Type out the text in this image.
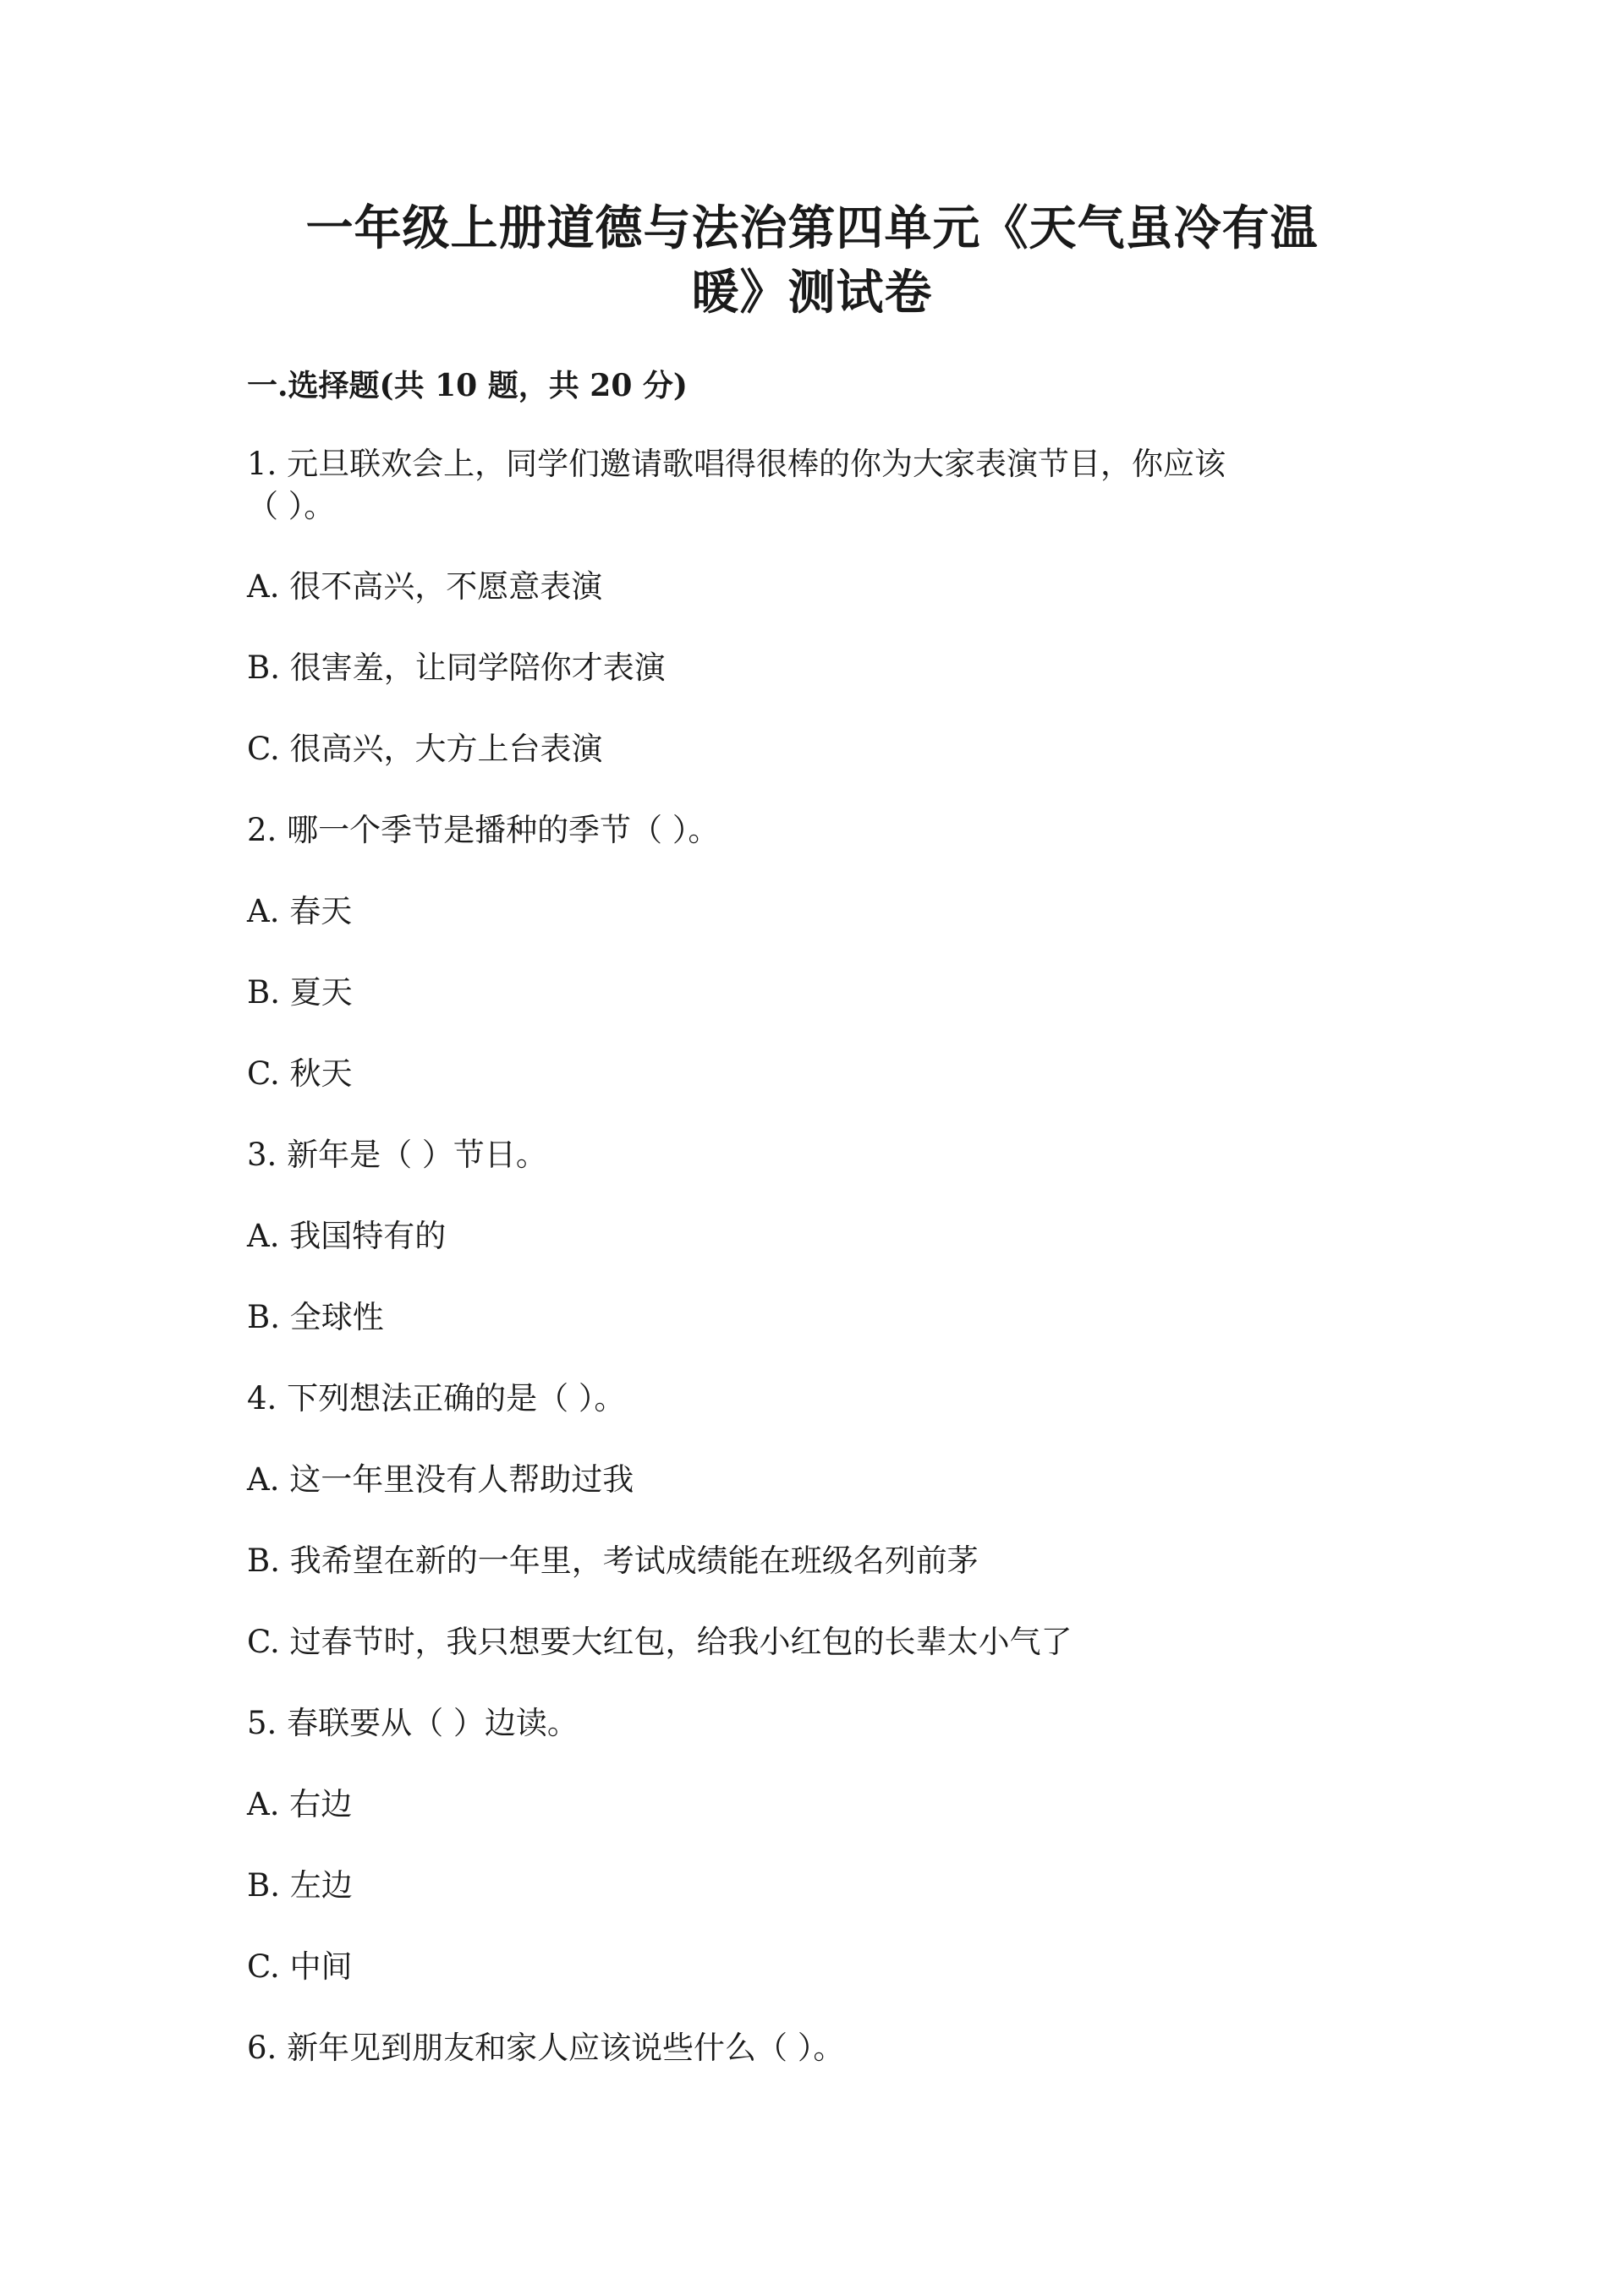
一年级上册道德与法治第四单元《天气虽冷有温
暖》测试卷
一.选择题(共 10 题，共 20 分)

1. 元旦联欢会上，同学们邀请歌唱得很棒的你为大家表演节目，你应该

（ ）。

A. 很不高兴，不愿意表演

B. 很害羞，让同学陪你才表演

C. 很高兴，大方上台表演

2. 哪一个季节是播种的季节（ ）。

A. 春天

B. 夏天

C. 秋天

3. 新年是（ ）节日。

A. 我国特有的

B. 全球性

4. 下列想法正确的是（ ）。

A. 这一年里没有人帮助过我

B. 我希望在新的一年里，考试成绩能在班级名列前茅

C. 过春节时，我只想要大红包，给我小红包的长辈太小气了

5. 春联要从（ ）边读。

A. 右边

B. 左边

C. 中间

6. 新年见到朋友和家人应该说些什么（ ）。
